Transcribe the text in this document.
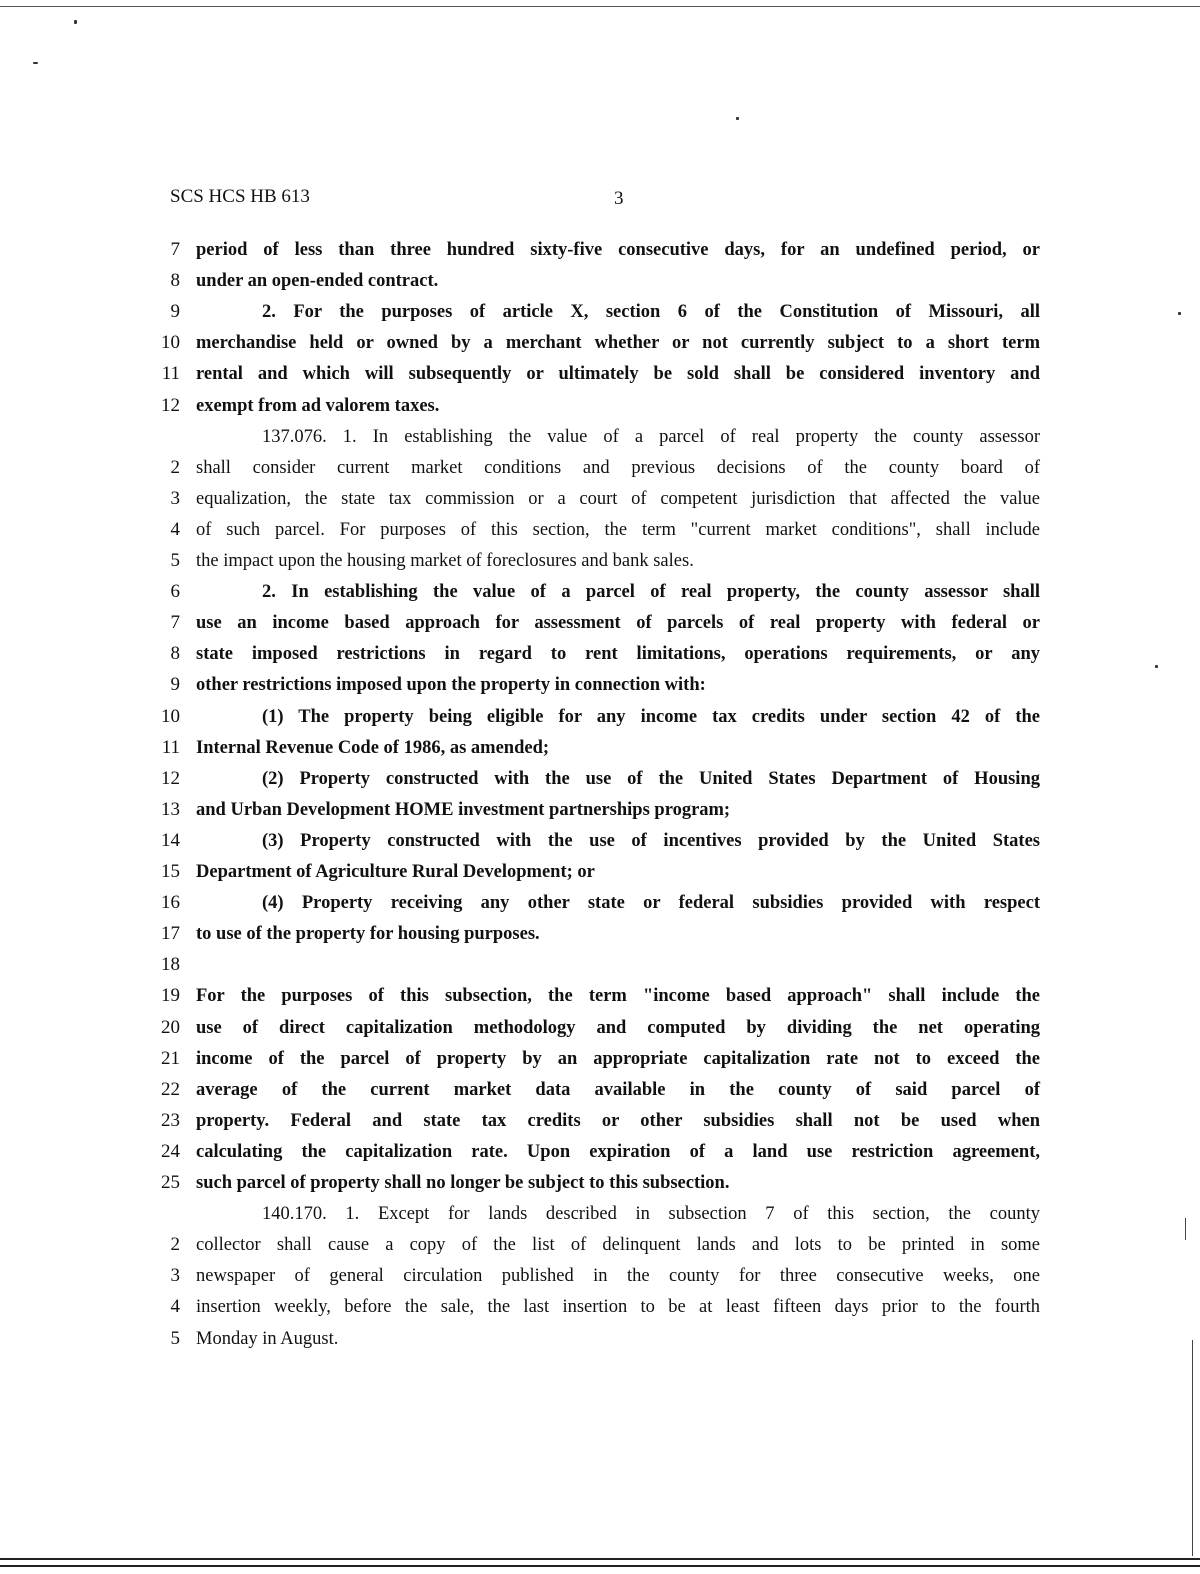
SCS HCS HB 613	3
7 period of less than three hundred sixty-five consecutive days, for an undefined period, or
8 under an open-ended contract.
9	2. For the purposes of article X, section 6 of the Constitution of Missouri, all
10 merchandise held or owned by a merchant whether or not currently subject to a short term
11 rental and which will subsequently or ultimately be sold shall be considered inventory and
12 exempt from ad valorem taxes.
137.076. 1. In establishing the value of a parcel of real property the county assessor
2 shall consider current market conditions and previous decisions of the county board of
3 equalization, the state tax commission or a court of competent jurisdiction that affected the value
4 of such parcel. For purposes of this section, the term "current market conditions", shall include
5 the impact upon the housing market of foreclosures and bank sales.
6	2. In establishing the value of a parcel of real property, the county assessor shall
7 use an income based approach for assessment of parcels of real property with federal or
8 state imposed restrictions in regard to rent limitations, operations requirements, or any
9 other restrictions imposed upon the property in connection with:
10	(1) The property being eligible for any income tax credits under section 42 of the
11 Internal Revenue Code of 1986, as amended;
12	(2) Property constructed with the use of the United States Department of Housing
13 and Urban Development HOME investment partnerships program;
14	(3) Property constructed with the use of incentives provided by the United States
15 Department of Agriculture Rural Development; or
16	(4) Property receiving any other state or federal subsidies provided with respect
17 to use of the property for housing purposes.
18
19 For the purposes of this subsection, the term "income based approach" shall include the
20 use of direct capitalization methodology and computed by dividing the net operating
21 income of the parcel of property by an appropriate capitalization rate not to exceed the
22 average of the current market data available in the county of said parcel of
23 property. Federal and state tax credits or other subsidies shall not be used when
24 calculating the capitalization rate. Upon expiration of a land use restriction agreement,
25 such parcel of property shall no longer be subject to this subsection.
140.170. 1. Except for lands described in subsection 7 of this section, the county
2 collector shall cause a copy of the list of delinquent lands and lots to be printed in some
3 newspaper of general circulation published in the county for three consecutive weeks, one
4 insertion weekly, before the sale, the last insertion to be at least fifteen days prior to the fourth
5 Monday in August.
